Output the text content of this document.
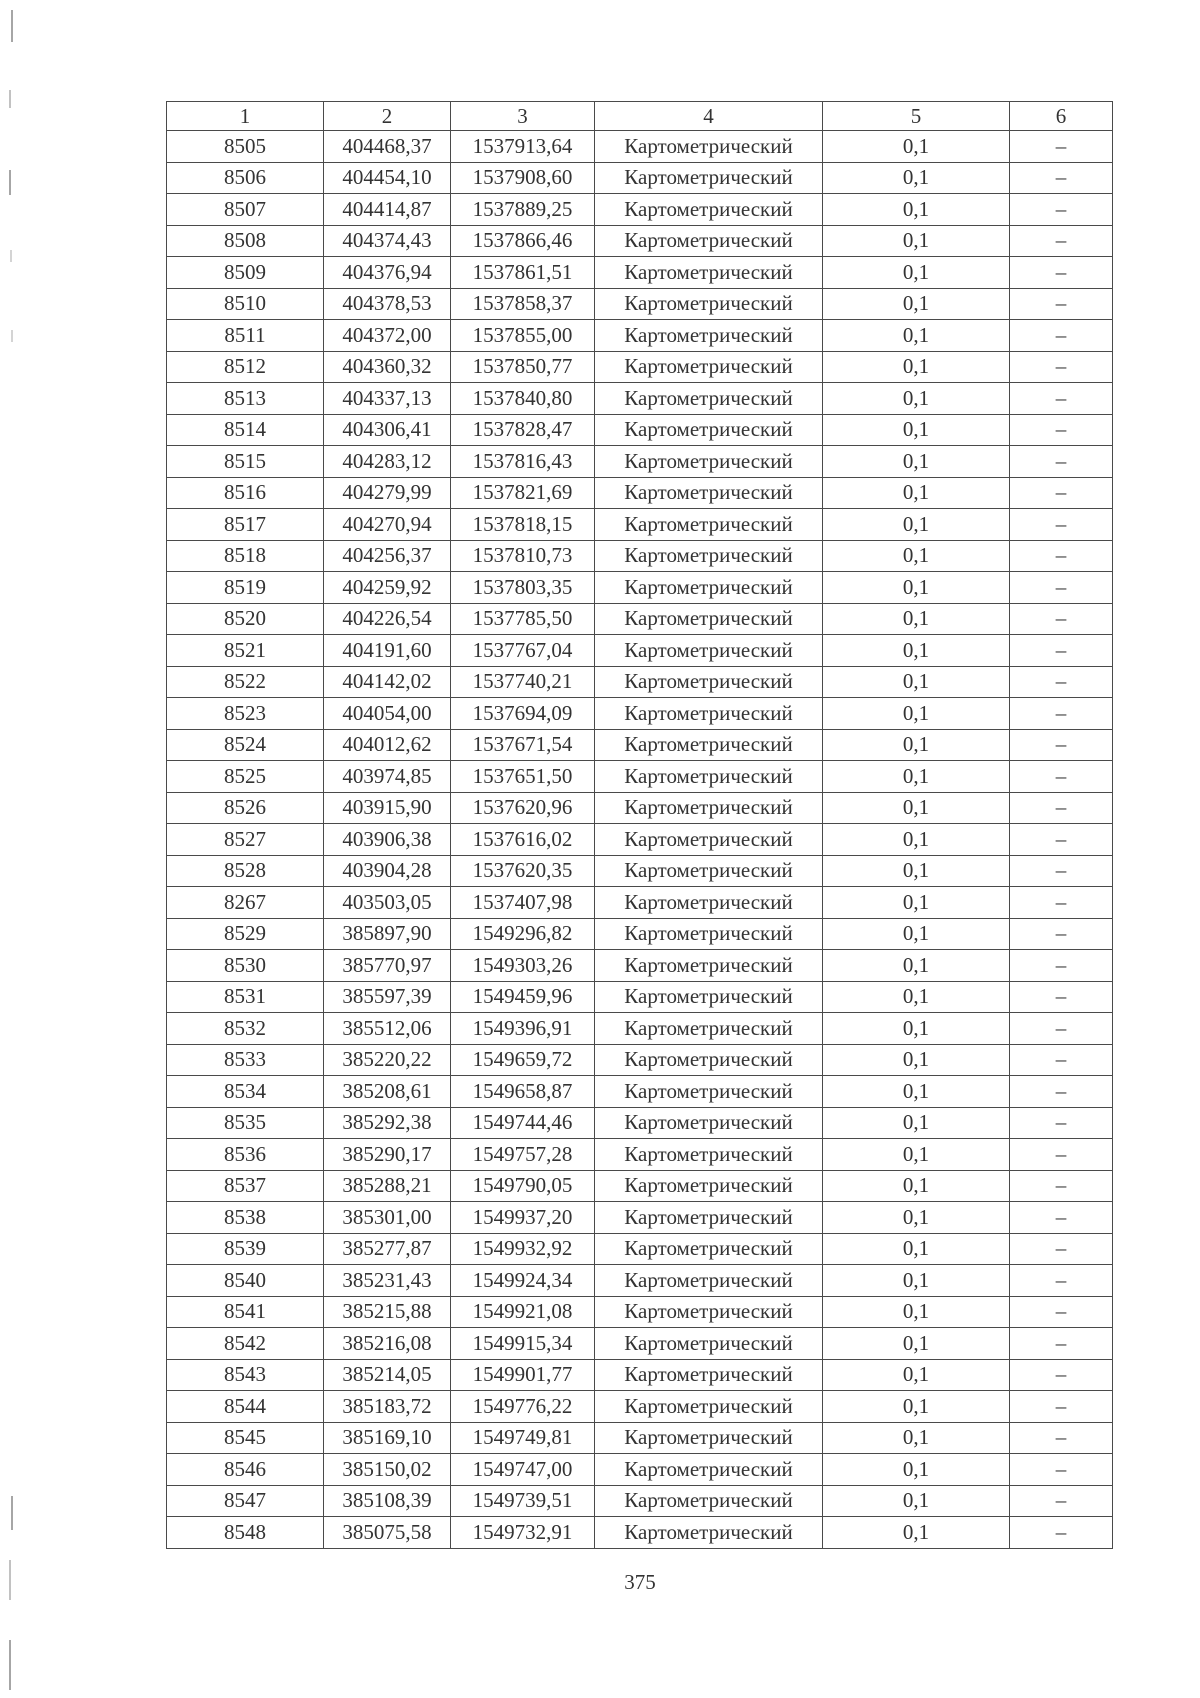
1	2	3	4	5	6
8505	404468,37	1537913,64	Картометрический	0,1	–
8506	404454,10	1537908,60	Картометрический	0,1	–
8507	404414,87	1537889,25	Картометрический	0,1	–
8508	404374,43	1537866,46	Картометрический	0,1	–
8509	404376,94	1537861,51	Картометрический	0,1	–
8510	404378,53	1537858,37	Картометрический	0,1	–
8511	404372,00	1537855,00	Картометрический	0,1	–
8512	404360,32	1537850,77	Картометрический	0,1	–
8513	404337,13	1537840,80	Картометрический	0,1	–
8514	404306,41	1537828,47	Картометрический	0,1	–
8515	404283,12	1537816,43	Картометрический	0,1	–
8516	404279,99	1537821,69	Картометрический	0,1	–
8517	404270,94	1537818,15	Картометрический	0,1	–
8518	404256,37	1537810,73	Картометрический	0,1	–
8519	404259,92	1537803,35	Картометрический	0,1	–
8520	404226,54	1537785,50	Картометрический	0,1	–
8521	404191,60	1537767,04	Картометрический	0,1	–
8522	404142,02	1537740,21	Картометрический	0,1	–
8523	404054,00	1537694,09	Картометрический	0,1	–
8524	404012,62	1537671,54	Картометрический	0,1	–
8525	403974,85	1537651,50	Картометрический	0,1	–
8526	403915,90	1537620,96	Картометрический	0,1	–
8527	403906,38	1537616,02	Картометрический	0,1	–
8528	403904,28	1537620,35	Картометрический	0,1	–
8267	403503,05	1537407,98	Картометрический	0,1	–
8529	385897,90	1549296,82	Картометрический	0,1	–
8530	385770,97	1549303,26	Картометрический	0,1	–
8531	385597,39	1549459,96	Картометрический	0,1	–
8532	385512,06	1549396,91	Картометрический	0,1	–
8533	385220,22	1549659,72	Картометрический	0,1	–
8534	385208,61	1549658,87	Картометрический	0,1	–
8535	385292,38	1549744,46	Картометрический	0,1	–
8536	385290,17	1549757,28	Картометрический	0,1	–
8537	385288,21	1549790,05	Картометрический	0,1	–
8538	385301,00	1549937,20	Картометрический	0,1	–
8539	385277,87	1549932,92	Картометрический	0,1	–
8540	385231,43	1549924,34	Картометрический	0,1	–
8541	385215,88	1549921,08	Картометрический	0,1	–
8542	385216,08	1549915,34	Картометрический	0,1	–
8543	385214,05	1549901,77	Картометрический	0,1	–
8544	385183,72	1549776,22	Картометрический	0,1	–
8545	385169,10	1549749,81	Картометрический	0,1	–
8546	385150,02	1549747,00	Картометрический	0,1	–
8547	385108,39	1549739,51	Картометрический	0,1	–
8548	385075,58	1549732,91	Картометрический	0,1	–
375
